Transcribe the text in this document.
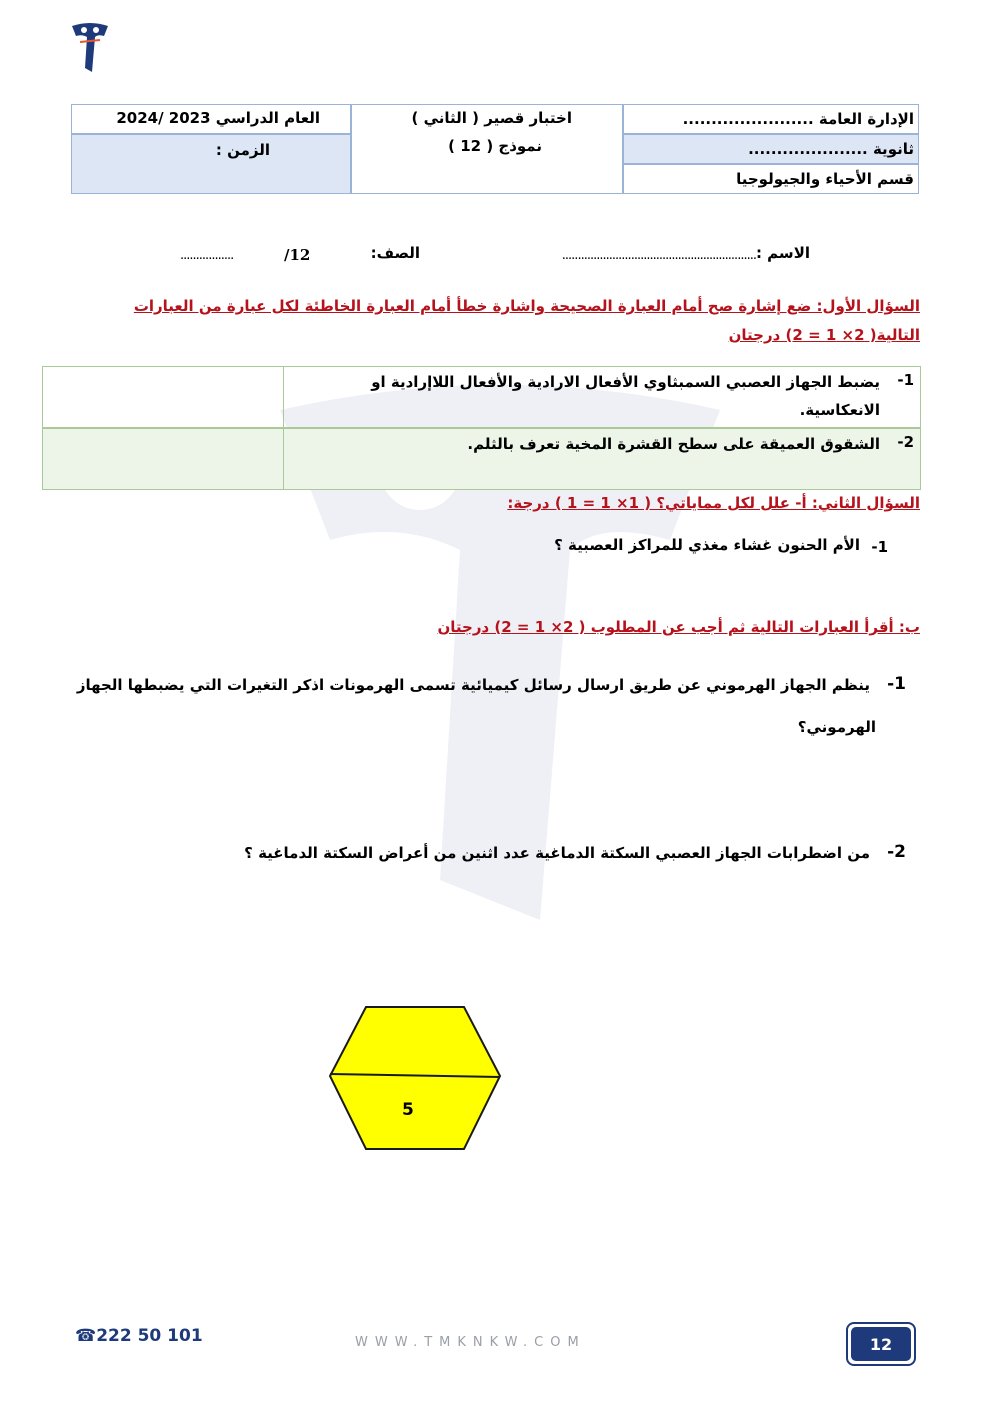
العام الدراسي 2023 /2024
الزمن :
اختبار قصير ( الثاني )
نموذج ( 12 )
الإدارة العامة .......................
ثانوية .....................
قسم الأحياء والجيولوجيا
الاسم :
..............................................................
الصف:
12/
.................
السؤال الأول: ضع إشارة صح أمام العبارة الصحيحة واشارة خطأ أمام العبارة الخاطئة لكل عبارة من العبارات
التالية( 2× 1 = 2) درجتان
1-
يضبط الجهاز العصبي السمبثاوي الأفعال الارادية والأفعال اللاإرادية او
الانعكاسية.
2-
الشقوق العميقة على سطح القشرة المخية تعرف بالثلم.
السؤال الثاني: أ- علل لكل مماياتي؟ ( 1× 1 = 1 ) درجة:
1-
الأم الحنون غشاء مغذي للمراكز العصبية ؟
ب: أقرأ العبارات التالية ثم أجب عن المطلوب ( 2× 1 = 2) درجتان
1-
ينظم الجهاز الهرموني عن طريق ارسال رسائل كيميائية تسمى الهرمونات اذكر التغيرات التي يضبطها الجهاز
الهرموني؟
2-
من اضطرابات الجهاز العصبي السكتة الدماغية عدد اثنين من أعراض السكتة الدماغية ؟
5
☎222 50 101	WWW.TMKNKW.COM	12
